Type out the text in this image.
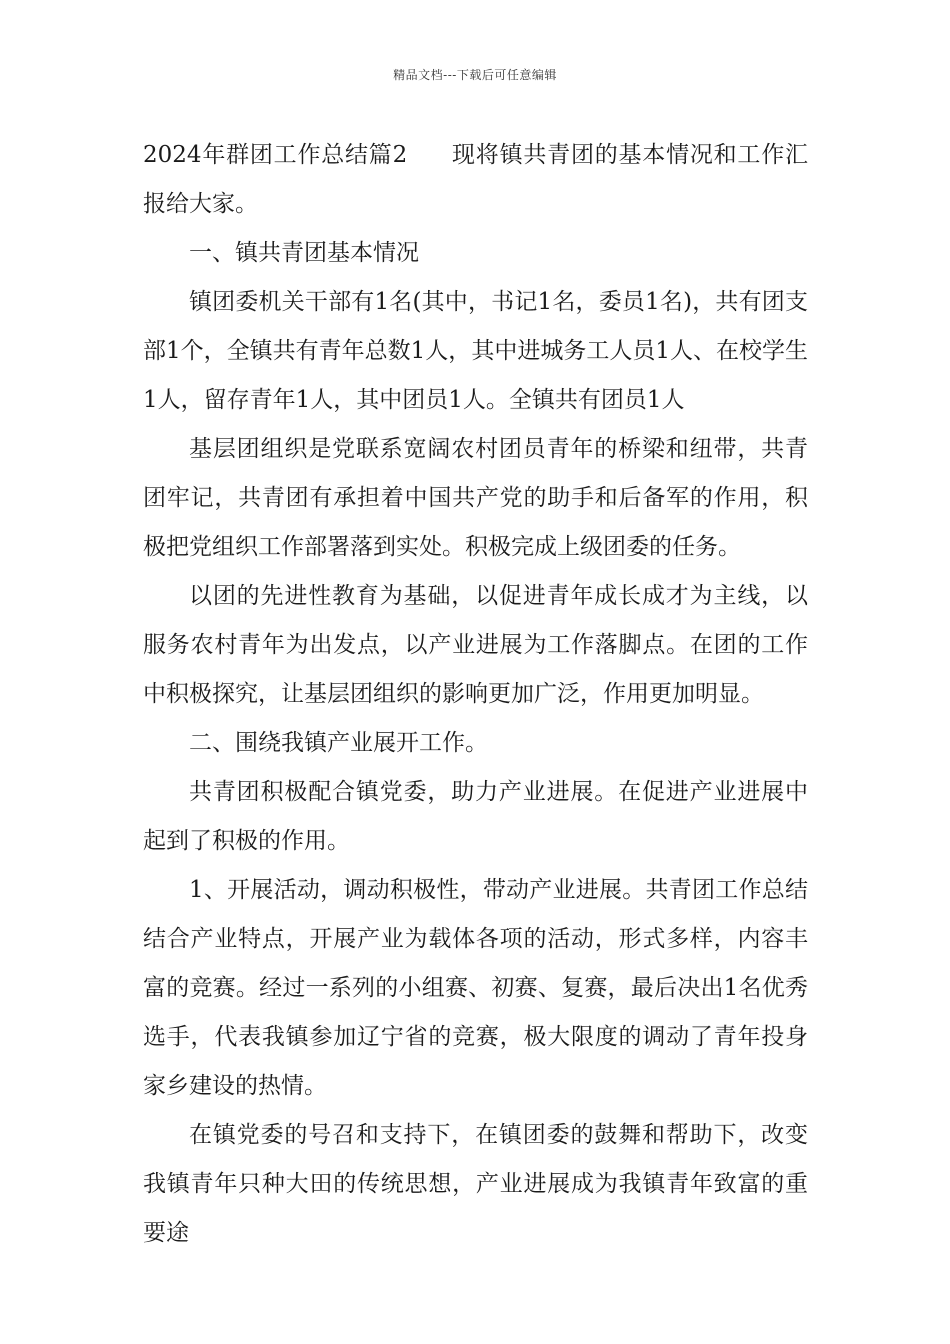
精品文档---下载后可任意编辑

2024年群团工作总结篇2 现将镇共青团的基本情况和工作汇报给大家。

一、镇共青团基本情况

镇团委机关干部有1名(其中，书记1名，委员1名)，共有团支部1个，全镇共有青年总数1人，其中进城务工人员1人、在校学生1人，留存青年1人，其中团员1人。全镇共有团员1人

基层团组织是党联系宽阔农村团员青年的桥梁和纽带，共青团牢记，共青团有承担着中国共产党的助手和后备军的作用，积极把党组织工作部署落到实处。积极完成上级团委的任务。

以团的先进性教育为基础，以促进青年成长成才为主线，以服务农村青年为出发点，以产业进展为工作落脚点。在团的工作中积极探究，让基层团组织的影响更加广泛，作用更加明显。

二、围绕我镇产业展开工作。

共青团积极配合镇党委，助力产业进展。在促进产业进展中起到了积极的作用。

1、开展活动，调动积极性，带动产业进展。共青团工作总结结合产业特点，开展产业为载体各项的活动，形式多样，内容丰富的竞赛。经过一系列的小组赛、初赛、复赛，最后决出1名优秀选手，代表我镇参加辽宁省的竞赛，极大限度的调动了青年投身家乡建设的热情。

在镇党委的号召和支持下，在镇团委的鼓舞和帮助下，改变我镇青年只种大田的传统思想，产业进展成为我镇青年致富的重要途
